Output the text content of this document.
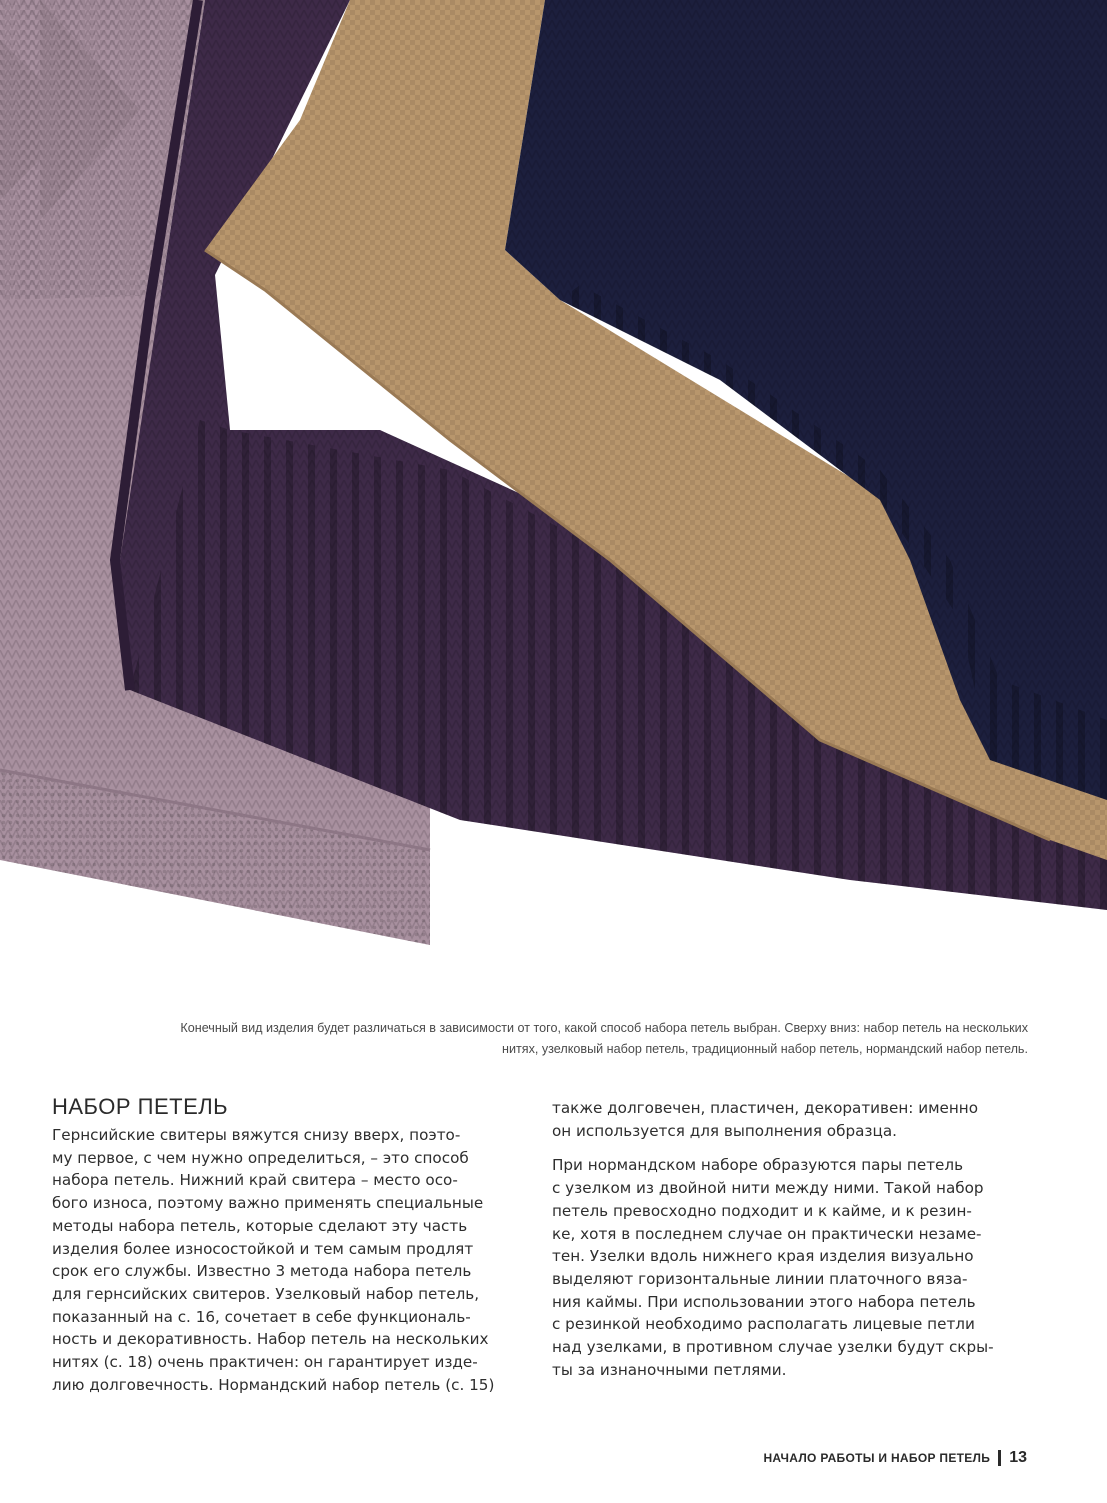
Конечный вид изделия будет различаться в зависимости от того, какой способ набора петель выбран. Сверху вниз: набор петель на нескольких
нитях, узелковый набор петель, традиционный набор петель, нормандский набор петель.
НАБОР ПЕТЕЛЬ

Гернсийские свитеры вяжутся снизу вверх, поэто-
му первое, с чем нужно определиться, – это способ
набора петель. Нижний край свитера – место осо-
бого износа, поэтому важно применять специальные
методы набора петель, которые сделают эту часть
изделия более износостойкой и тем самым продлят
срок его службы. Известно 3 метода набора петель
для гернсийских свитеров. Узелковый набор петель,
показанный на с. 16, сочетает в себе функциональ-
ность и декоративность. Набор петель на нескольких
нитях (с. 18) очень практичен: он гарантирует изде-
лию долговечность. Нормандский набор петель (с. 15)

также долговечен, пластичен, декоративен: именно
он используется для выполнения образца.

При нормандском наборе образуются пары петель
с узелком из двойной нити между ними. Такой набор
петель превосходно подходит и к кайме, и к резин-
ке, хотя в последнем случае он практически незаме-
тен. Узелки вдоль нижнего края изделия визуально
выделяют горизонтальные линии платочного вяза-
ния каймы. При использовании этого набора петель
с резинкой необходимо располагать лицевые петли
над узелками, в противном случае узелки будут скры-
ты за изнаночными петлями.

НАЧАЛО РАБОТЫ И НАБОР ПЕТЕЛЬ 13
